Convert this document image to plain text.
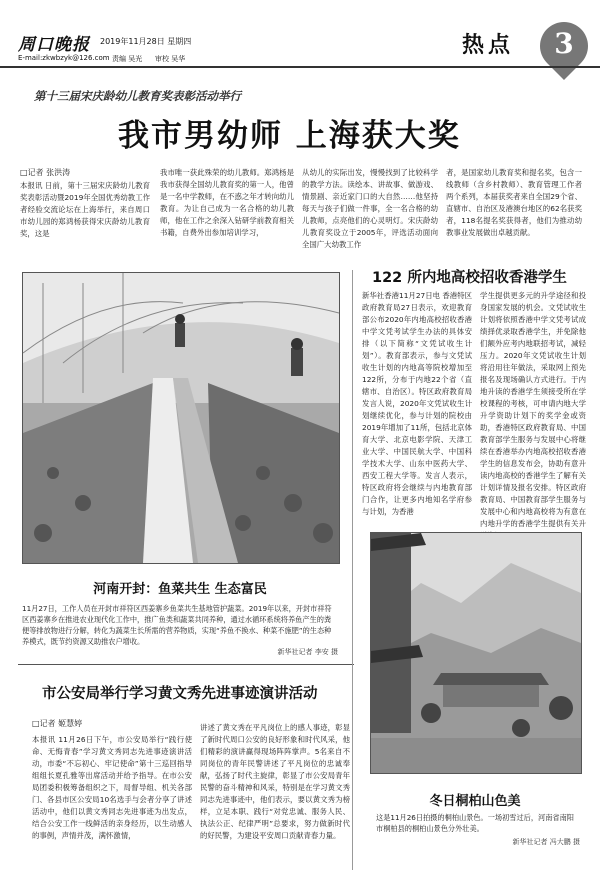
周口晚报 2019年11月28日 星期四
E-mail:zkwbzyk@126.com 责编 吴光 审校 吴华
热点	3
第十三届宋庆龄幼儿教育奖表彰活动举行
我市男幼师 上海获大奖
□记者 张洪涛
本报讯 日前，第十三届宋庆龄幼儿教育奖表彰活动暨2019年全国优秀幼教工作者经验交流论坛在上海举行，来自周口市幼儿园的郑鸿杨获得宋庆龄幼儿教育奖，这是
我市唯一获此殊荣的幼儿教师。郑鸿杨是我市获得全国幼儿教育奖的第一人，他曾是一名中学教师，在不惑之年才转向幼儿教育。为让自己成为一名合格的幼儿教师，他在工作之余深入钻研学前教育相关书籍，自费外出参加培训学习，
从幼儿的实际出发，慢慢找到了比较科学的教学方法。读绘本、讲故事、做游戏、情景剧、亲近家门口的大自然……他坚持每天与孩子们做一件事，全一名合格的幼儿教师，点亮他们的心灵明灯。宋庆龄幼儿教育奖设立于2005年，评选活动面向全国广大幼教工作
者，是国家幼儿教育奖和提名奖，包含一线教师（含乡村教师）、教育管理工作者两个系列，本届获奖者来自全国29个省、直辖市、自治区及港澳台地区的62名获奖者，118名提名奖获得者，他们为推动幼教事业发展做出卓越贡献。
河南开封：鱼菜共生 生态富民
11月27日，工作人员在开封市祥符区西姜寨乡鱼菜共生基地管护蔬菜。2019年以来，开封市祥符区西姜寨乡在推进农业现代化工作中，推广鱼类和蔬菜共同养种，通过水循环系统将养鱼产生的粪便等排放物进行分解，转化为蔬菜生长所需的营养物质，实现“养鱼不换水、种菜不施肥”的生态种养模式，既节约资源又助推农户增收。
新华社记者 李安 摄
122 所内地高校招收香港学生
新华社香港11月27日电 香港特区政府教育局27日表示，欢迎教育部公布2020年内地高校招收香港中学文凭考试学生办法的具体安排（以下简称“文凭试收生计划”）。教育部表示，参与文凭试收生计划的内地高等院校增加至122所，分布于内地22个省（直辖市、自治区）。特区政府教育局发言人说，2020年文凭试收生计划继续优化，参与计划的院校由2019年增加了11所，包括北京体育大学、北京电影学院、天津工业大学、中国民航大学、中国科学技术大学、山东中医药大学、西安工程大学等。发言人表示，特区政府将会继续与内地教育部门合作，让更多内地知名学府参与计划，为香港
学生提供更多元的升学途径和投身国家发展的机会。文凭试收生计划将依照香港中学文凭考试成绩择优录取香港学生，并免除他们额外应考内地联招考试，减轻压力。2020年文凭试收生计划将沿用往年做法，采取网上预先报名及现场确认方式进行。于内地升读的香港学生须接受所在学校课程的考核，可申请内地大学升学资助计划下的奖学金或资助，香港特区政府教育局、中国教育部学生服务与发展中心将继续在香港举办内地高校招收香港学生的信息发布会，协助有意升读内地高校的香港学生了解有关计划详情及报名安排。特区政府教育局、中国教育部学生服务与发展中心和内地高校将为有意在内地升学的香港学生提供有关升
冬日桐柏山色美
这是11月26日拍摄的桐柏山景色。一场初雪过后，河南省南阳市桐柏县的桐柏山景色分外壮美。
新华社记者 冯大鹏 摄
市公安局举行学习黄文秀先进事迹演讲活动
□记者 姬慧婷
本报讯 11月26日下午，市公安局举行“践行使命、无悔青春”学习黄文秀同志先进事迹演讲活动，市委“不忘初心、牢记使命”第十三巡回指导组组长夏孔雅等出席活动并给予指导。在市公安局团委积极筹备组织之下，局督导组、机关各部门、各县市区公安局10名选手与会者分享了讲述活动中，他们以黄文秀同志先进事迹为出发点，结合公安工作一线鲜活的亲身经历，以生动感人的事例，声情并茂，满怀激情，
讲述了黄文秀在平凡岗位上的感人事迹，彰显了新时代周口公安的良好形象和时代风采，他们精彩的演讲赢得现场阵阵掌声。5名来自不同岗位的青年民警讲述了平凡岗位的忠诚奉献，弘扬了时代主旋律，彰显了市公安局青年民警的奋斗精神和风采，特别是在学习黄文秀同志先进事迹中，他们表示，要以黄文秀为榜样，立足本职、践行“对党忠诚、服务人民、执法公正、纪律严明”总要求，努力做新时代的好民警，为建设平安周口贡献青春力量。
